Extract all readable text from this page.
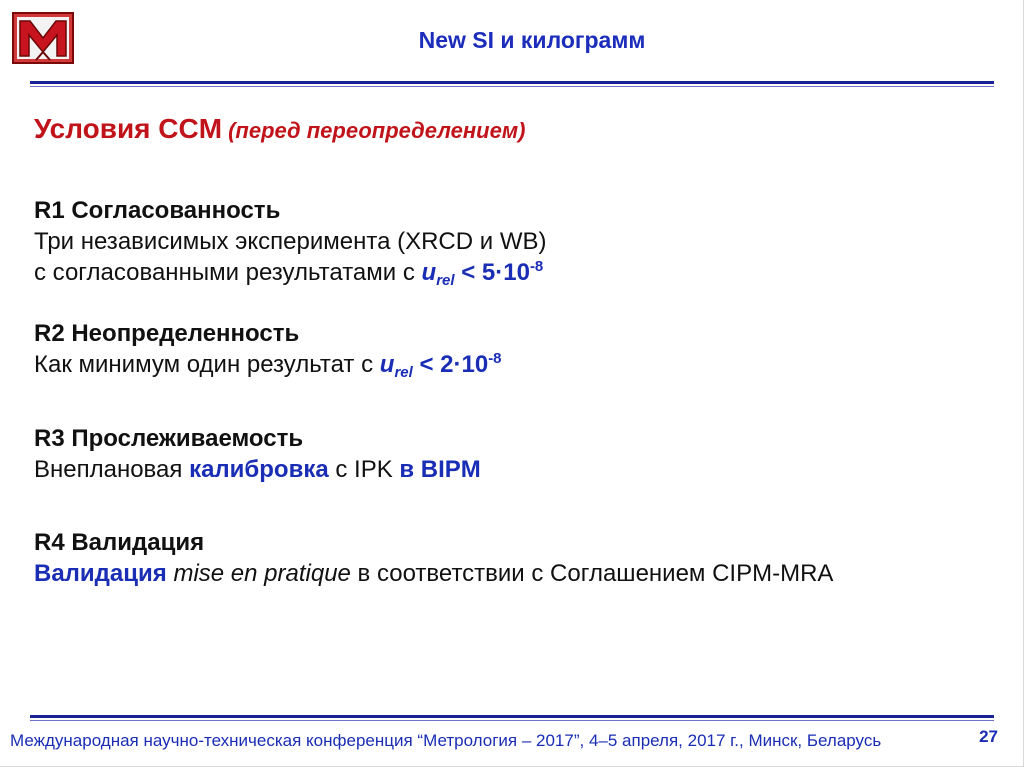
New SI и килограмм
Условия CCM (перед переопределением)
R1 Согласованность
Три независимых эксперимента (XRCD и WB)
с согласованными результатами с $u_{rel} < 5\cdot 10^{-8}$
R2 Неопределенность
Как минимум один результат с $u_{rel} < 2\cdot 10^{-8}$
R3 Прослеживаемость
Внеплановая калибровка с IPK в BIPM
R4 Валидация
Валидация mise en pratique в соответствии с Соглашением CIPM-MRA
Международная научно-техническая конференция “Метрология – 2017”, 4–5 апреля, 2017 г., Минск, Беларусь	27
